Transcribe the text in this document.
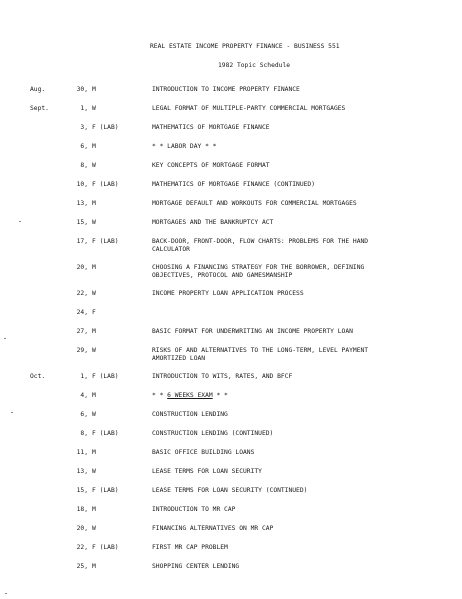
REAL ESTATE INCOME PROPERTY FINANCE - BUSINESS 551
1982 Topic Schedule
Aug.	30, M	INTRODUCTION TO INCOME PROPERTY FINANCE
Sept.	1, W	LEGAL FORMAT OF MULTIPLE-PARTY COMMERCIAL MORTGAGES
3, F (LAB)	MATHEMATICS OF MORTGAGE FINANCE
6, M	* * LABOR DAY * *
8, W	KEY CONCEPTS OF MORTGAGE FORMAT
10, F (LAB)	MATHEMATICS OF MORTGAGE FINANCE (CONTINUED)
13, M	MORTGAGE DEFAULT AND WORKOUTS FOR COMMERCIAL MORTGAGES
15, W	MORTGAGES AND THE BANKRUPTCY ACT
17, F (LAB)	BACK-DOOR, FRONT-DOOR, FLOW CHARTS: PROBLEMS FOR THE HAND
CALCULATOR
20, M	CHOOSING A FINANCING STRATEGY FOR THE BORROWER, DEFINING
OBJECTIVES, PROTOCOL AND GAMESMANSHIP
22, W	INCOME PROPERTY LOAN APPLICATION PROCESS
24, F
27, M	BASIC FORMAT FOR UNDERWRITING AN INCOME PROPERTY LOAN
29, W	RISKS OF AND ALTERNATIVES TO THE LONG-TERM, LEVEL PAYMENT
AMORTIZED LOAN
Oct.	1, F (LAB)	INTRODUCTION TO WITS, RATES, AND BFCF
4, M	* * 6 WEEKS EXAM * *
6, W	CONSTRUCTION LENDING
8, F (LAB)	CONSTRUCTION LENDING (CONTINUED)
11, M	BASIC OFFICE BUILDING LOANS
13, W	LEASE TERMS FOR LOAN SECURITY
15, F (LAB)	LEASE TERMS FOR LOAN SECURITY (CONTINUED)
18, M	INTRODUCTION TO MR CAP
20, W	FINANCING ALTERNATIVES ON MR CAP
22, F (LAB)	FIRST MR CAP PROBLEM
25, M	SHOPPING CENTER LENDING
